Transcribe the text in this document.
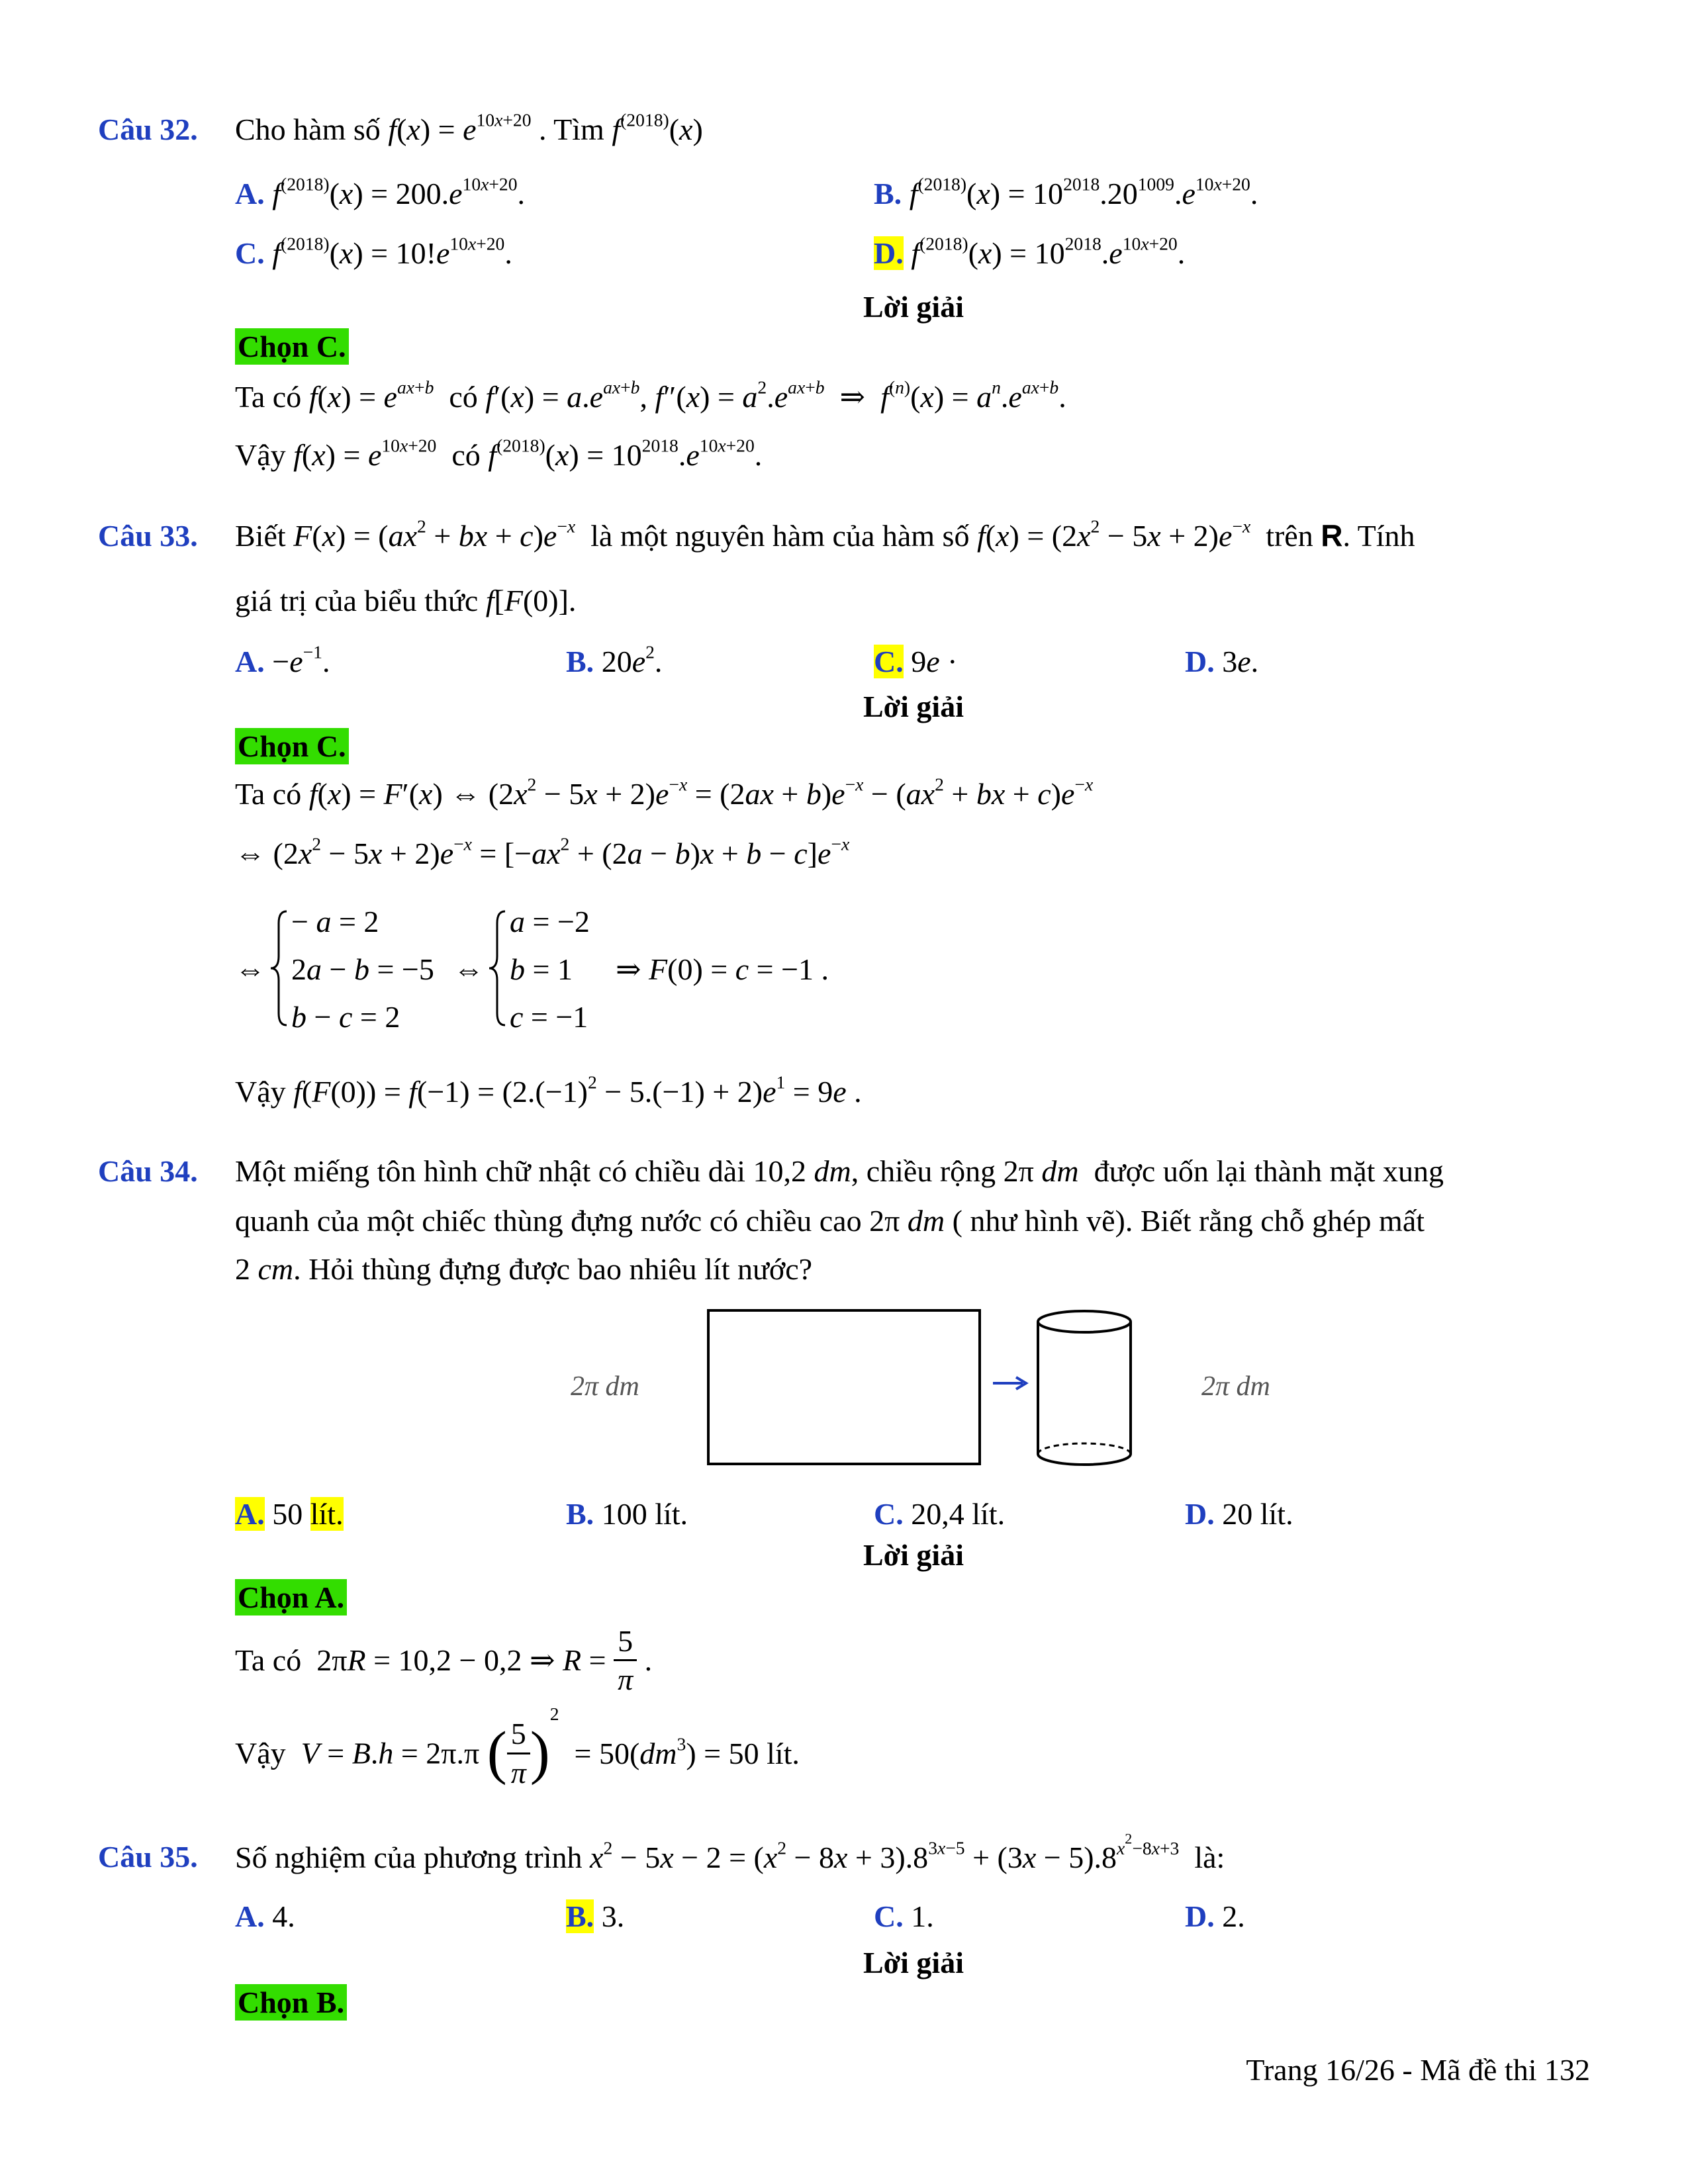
Câu 32. Cho hàm số $f(x) = e^{10x+20}$ . Tìm $f^{(2018)}(x)$
A. $f^{(2018)}(x) = 200.e^{10x+20}$.	B. $f^{(2018)}(x) = 10^{2018}.20^{1009}.e^{10x+20}$.
C. $f^{(2018)}(x) = 10!e^{10x+20}$.	D. $f^{(2018)}(x) = 10^{2018}.e^{10x+20}$.
Lời giải
Chọn C.
Ta có $f(x) = e^{ax+b}$ có $f'(x) = a.e^{ax+b}$, $f''(x) = a^2.e^{ax+b}$  ⇒  $f^{(n)}(x) = a^n.e^{ax+b}$.
Vậy $f(x) = e^{10x+20}$ có $f^{(2018)}(x) = 10^{2018}.e^{10x+20}$.
Câu 33. Biết $F(x) = (ax^2$ + bx + $c)e^{-x}$ là một nguyên hàm của hàm số $f(x) = (2x^2 - 5x + 2)e^{-x}$ trên R. Tính
giá trị của biểu thức f[F(0)].
A. $-e^{-1}$.	B. $20e^2$.	C. 9e ·	D. 3e.
Lời giải
Chọn C.
Ta có f(x) = F′(x) ⇔ $(2x^2 - 5x + 2)e^{-x} = (2ax + b)e^{-x} - (ax^2$ + bx + $c)e^{-x}$
⇔ $(2x^2 - 5x + 2)e^{-x} = [-ax^2 + (2a - b)x + b - c]e^{-x}$
⇔
− a = 2
2a − b = −5
b − c = 2
⇔
a = −2
b = 1
c = −1
⇒ F(0) = c = −1 .
Vậy $f(F(0)) = f(-1) = (2.(-1)^2 - 5.(-1) + 2)e^1 = 9e$ .
Câu 34. Một miếng tôn hình chữ nhật có chiều dài 10,2 dm, chiều rộng 2π dm được uốn lại thành mặt xung
quanh của một chiếc thùng đựng nước có chiều cao 2π dm ( như hình vẽ). Biết rằng chỗ ghép mất
2 cm. Hỏi thùng đựng được bao nhiêu lít nước?
2π dm	2π dm
A. 50 lít.	B. 100 lít.	C. 20,4 lít.	D. 20 lít.
Lời giải
Chọn A.
Ta có  2πR = 10,2 − 0,2 ⇒ $R = \frac{5}{\pi}$ .
Vậy V = B.h = 2π.π ( $\frac{5}{\pi} )^2 = 50(dm^3) = 50$ lít.
Câu 35. Số nghiệm của phương trình $x^2 - 5x - 2 = (x^2 - 8x + 3).8^{3x-5} + (3x - 5).8^{x^2-8x+3}$ là:
A. 4.	B. 3.	C. 1.	D. 2.
Lời giải
Chọn B.
Trang 16/26 - Mã đề thi 132
